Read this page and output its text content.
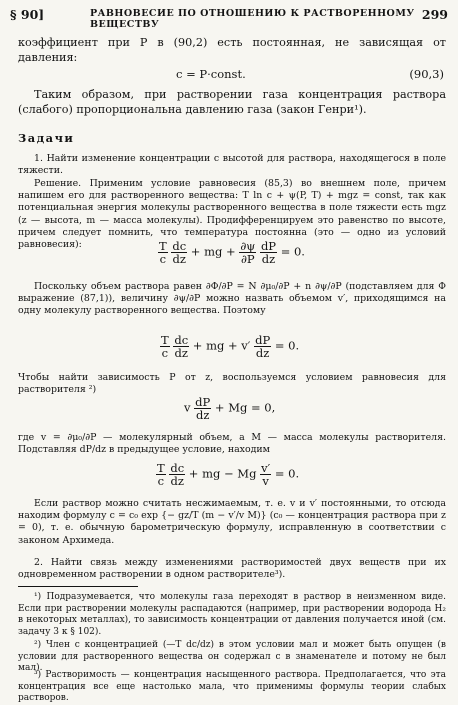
§ 90]	РАВНОВЕСИЕ ПО ОТНОШЕНИЮ К РАСТВОРЕННОМУ ВЕЩЕСТВУ
299
коэффициент при P в (90,2) есть постоянная, не зависящая от давления:
c = P·const.	(90,3)
Таким образом, при растворении газа концентрация раствора (слабого) пропорциональна давлению газа (закон Генри¹).
Задачи
1. Найти изменение концентрации с высотой для раствора, находящегося в поле тяжести.
Решение. Применим условие равновесия (85,3) во внешнем поле, причем напишем его для растворенного вещества: T ln c + ψ(P, T) + mgz = const, так как потенциальная энергия молекулы растворенного вещества в поле тяжести есть mgz (z — высота, m — масса молекулы). Продифференцируем это равенство по высоте, причем следует помнить, что температура постоянна (это — одно из условий равновесия):	$\frac{T}{c}$
$\frac{dc}{dz}$ + mg + $\frac{\partial\psi}{\partial P}$
$\frac{dP}{dz} = 0$.
Поскольку объем раствора равен ∂Φ/∂P = N ∂μ₀/∂P + n ∂ψ/∂P (подставляем для Φ выражение (87,1)), величину ∂ψ/∂P можно назвать объемом v′, приходящимся на одну молекулу растворенного вещества. Поэтому
$\frac{T}{c}$
$\frac{dc}{dz}$ + mg + $v' \frac{dP}{dz} = 0$.
Чтобы найти зависимость P от z, воспользуемся условием равновесия для растворителя ²)
v $\frac{dP}{dz} + Mg = 0$,
где v = ∂μ₀/∂P — молекулярный объем, а M — масса молекулы растворителя. Подставляя dP/dz в предыдущее условие, находим
$\frac{T}{c}$
$\frac{dc}{dz}$ + mg − Mg $\frac{v'}{v} = 0$.
Если раствор можно считать несжимаемым, т. е. v и v′ постоянными, то отсюда находим формулу c = c₀ exp {− gz/T (m − v′/v M)} (c₀ — концентрация раствора при z = 0), т. е. обычную барометрическую формулу, исправленную в соответствии с законом Архимеда.
2. Найти связь между изменениями растворимостей двух веществ при их одновременном растворении в одном растворителе³).
¹) Подразумевается, что молекулы газа переходят в раствор в неизменном виде. Если при растворении молекулы распадаются (например, при растворении водорода H₂ в некоторых металлах), то зависимость концентрации от давления получается иной (см. задачу 3 к § 102).
²) Член с концентрацией (—T dc/dz) в этом условии мал и может быть опущен (в условии для растворенного вещества он содержал c в знаменателе и потому не был мал).
³) Растворимость — концентрация насыщенного раствора. Предполагается, что эта концентрация все еще настолько мала, что применимы формулы теории слабых растворов.
